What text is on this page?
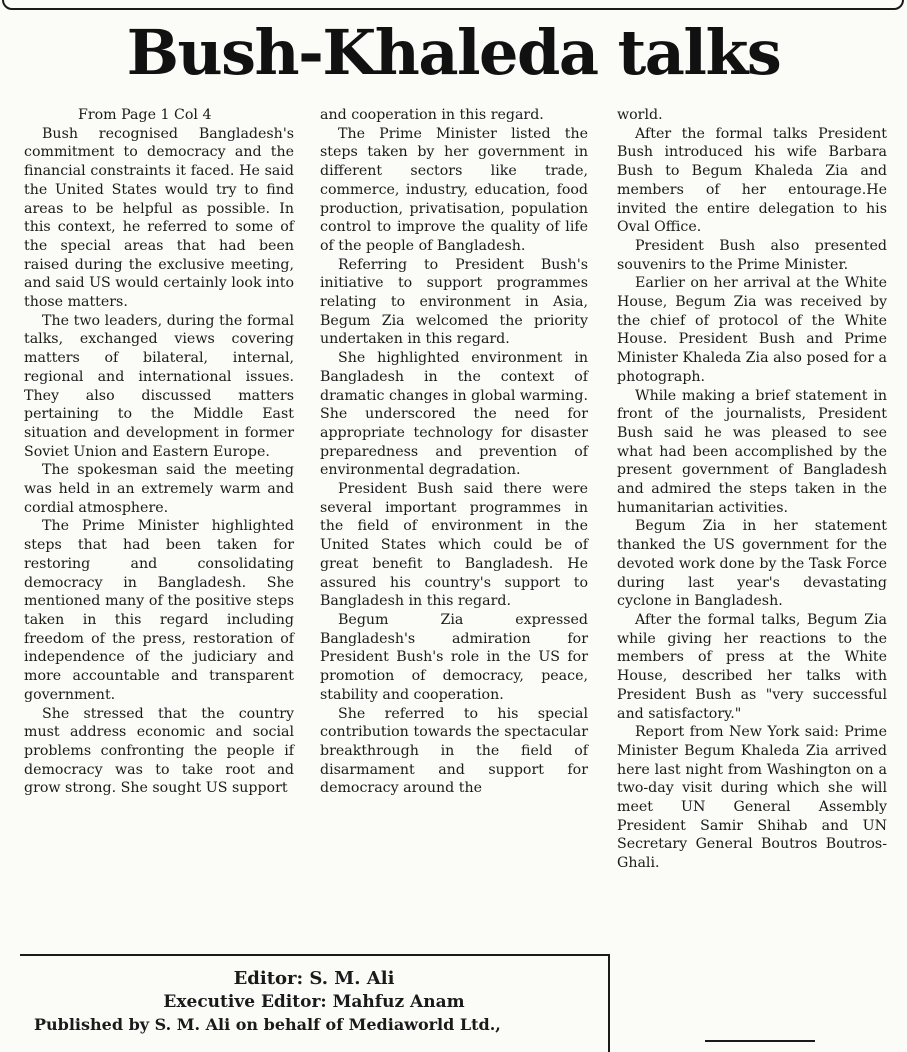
Bush-Khaleda talks

From Page 1 Col 4

Bush recognised Bangladesh's commitment to democracy and the financial constraints it faced. He said the United States would try to find areas to be helpful as possible. In this context, he referred to some of the special areas that had been raised during the exclusive meeting, and said US would certainly look into those matters.

The two leaders, during the formal talks, exchanged views covering matters of bilateral, internal, regional and international issues. They also discussed matters pertaining to the Middle East situation and development in former Soviet Union and Eastern Europe.

The spokesman said the meeting was held in an extremely warm and cordial atmosphere.

The Prime Minister highlighted steps that had been taken for restoring and consolidating democracy in Bangladesh. She mentioned many of the positive steps taken in this regard including freedom of the press, restoration of independence of the judiciary and more accountable and transparent government.

She stressed that the country must address economic and social problems confronting the people if democracy was to take root and grow strong. She sought US support

and cooperation in this regard.

The Prime Minister listed the steps taken by her government in different sectors like trade, commerce, industry, education, food production, privatisation, population control to improve the quality of life of the people of Bangladesh.

Referring to President Bush's initiative to support programmes relating to environment in Asia, Begum Zia welcomed the priority undertaken in this regard.

She highlighted environment in Bangladesh in the context of dramatic changes in global warming. She underscored the need for appropriate technology for disaster preparedness and prevention of environmental degradation.

President Bush said there were several important programmes in the field of environment in the United States which could be of great benefit to Bangladesh. He assured his country's support to Bangladesh in this regard.

Begum Zia expressed Bangladesh's admiration for President Bush's role in the US for promotion of democracy, peace, stability and cooperation.

She referred to his special contribution towards the spectacular breakthrough in the field of disarmament and support for democracy around the

world.

After the formal talks President Bush introduced his wife Barbara Bush to Begum Khaleda Zia and members of her entourage.He invited the entire delegation to his Oval Office.

President Bush also presented souvenirs to the Prime Minister.

Earlier on her arrival at the White House, Begum Zia was received by the chief of protocol of the White House. President Bush and Prime Minister Khaleda Zia also posed for a photograph.

While making a brief statement in front of the journalists, President Bush said he was pleased to see what had been accomplished by the present government of Bangladesh and admired the steps taken in the humanitarian activities.

Begum Zia in her statement thanked the US government for the devoted work done by the Task Force during last year's devastating cyclone in Bangladesh.

After the formal talks, Begum Zia while giving her reactions to the members of press at the White House, described her talks with President Bush as "very successful and satisfactory."

Report from New York said: Prime Minister Begum Khaleda Zia arrived here last night from Washington on a two-day visit during which she will meet UN General Assembly President Samir Shihab and UN Secretary General Boutros Boutros-Ghali.

Editor: S. M. Ali
Executive Editor: Mahfuz Anam
Published by S. M. Ali on behalf of Mediaworld Ltd.,
